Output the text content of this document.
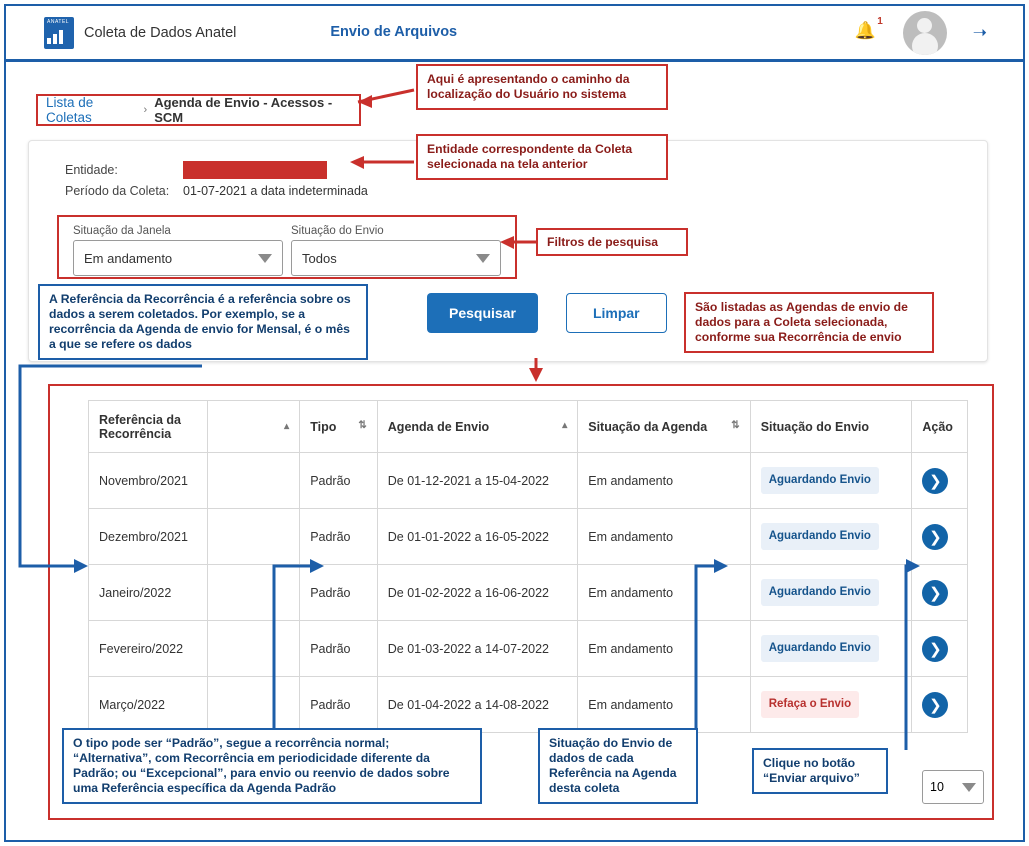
ANATEL
Coleta de Dados Anatel	Envio de Arquivos	🔔 1
➝
Lista de Coletas	› Agenda de Envio - Acessos - SCM
Entidade:
Período da Coleta:	01-07-2021 a data indeterminada
Situação da Janela
Em andamento
Situação do Envio
Todos
Pesquisar	Limpar
Referência da Recorrência	▴	Tipo ⇅	Agenda de Envio ▴	Situação da Agenda ⇅	Situação do Envio	Ação
Novembro/2021		Padrão	De 01-12-2021 a 15-04-2022	Em andamento	Aguardando Envio	❯
Dezembro/2021		Padrão	De 01-01-2022 a 16-05-2022	Em andamento	Aguardando Envio	❯
Janeiro/2022		Padrão	De 01-02-2022 a 16-06-2022	Em andamento	Aguardando Envio	❯
Fevereiro/2022		Padrão	De 01-03-2022 a 14-07-2022	Em andamento	Aguardando Envio	❯
Março/2022		Padrão	De 01-04-2022 a 14-08-2022	Em andamento	Refaça o Envio	❯
10
Aqui é apresentando o caminho da localização do Usuário no sistema
Entidade correspondente da Coleta selecionada na tela anterior
Filtros de pesquisa
A Referência da Recorrência é a referência sobre os dados a serem coletados. Por exemplo, se a recorrência da Agenda de envio for Mensal, é o mês a que se refere os dados
São listadas as Agendas de envio de dados para a Coleta selecionada, conforme sua Recorrência de envio
O tipo pode ser “Padrão”, segue a recorrência normal; “Alternativa”, com Recorrência em periodicidade diferente da Padrão; ou “Excepcional”, para envio ou reenvio de dados sobre uma Referência específica da Agenda Padrão
Situação do Envio de dados de cada Referência na Agenda desta coleta
Clique no botão “Enviar arquivo”
